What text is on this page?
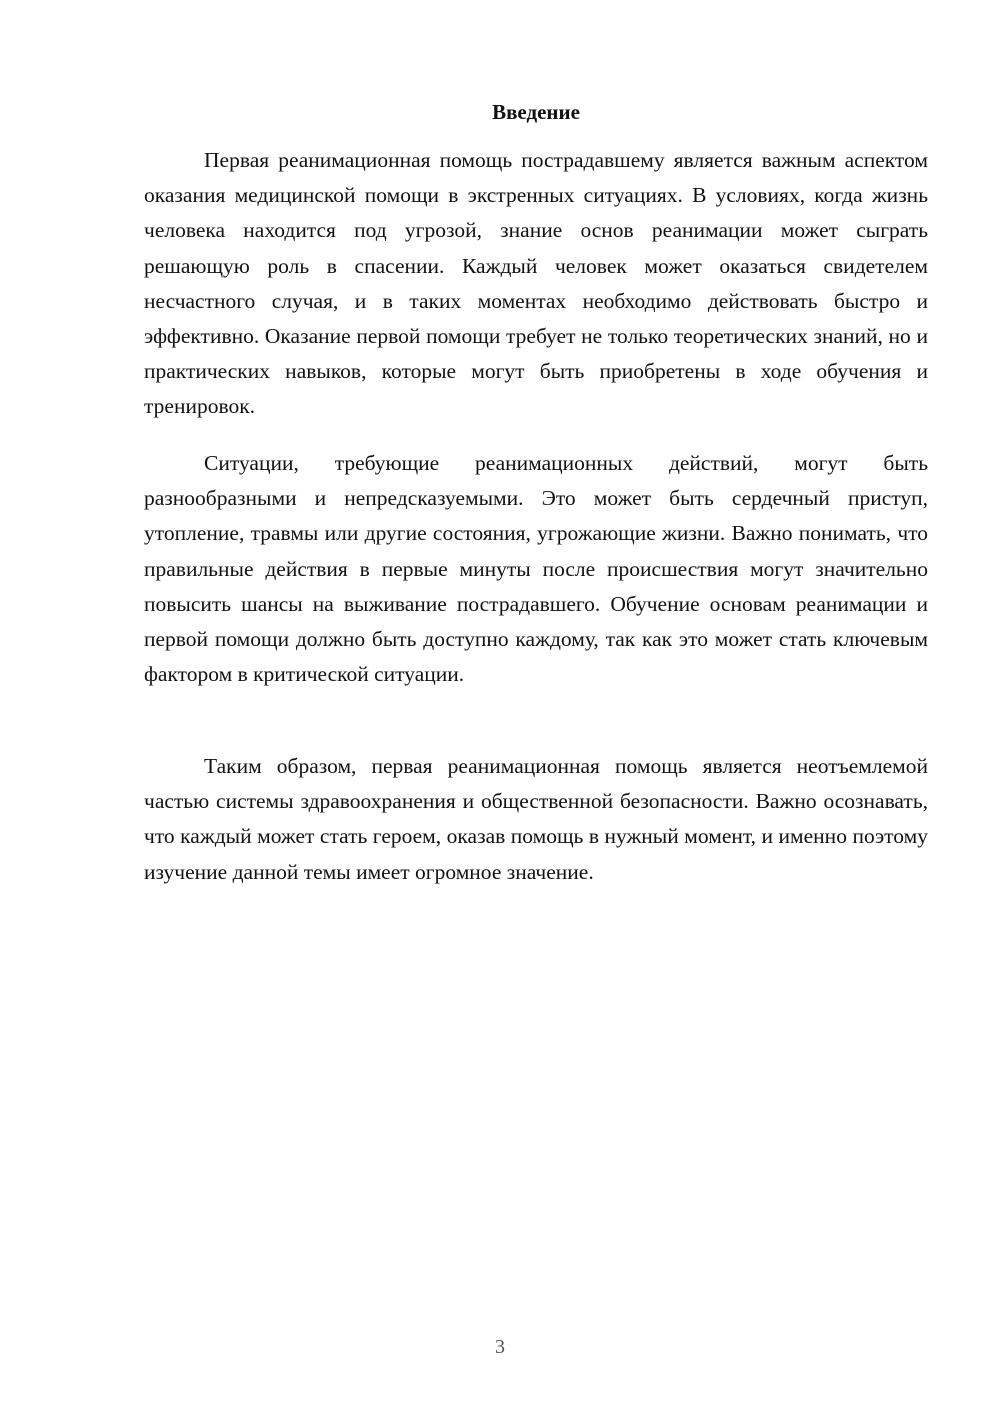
Введение

Первая реанимационная помощь пострадавшему является важным аспектом оказания медицинской помощи в экстренных ситуациях. В условиях, когда жизнь человека находится под угрозой, знание основ реанимации может сыграть решающую роль в спасении. Каждый человек может оказаться свидетелем несчастного случая, и в таких моментах необходимо действовать быстро и эффективно. Оказание первой помощи требует не только теоретических знаний, но и практических навыков, которые могут быть приобретены в ходе обучения и тренировок.

Ситуации, требующие реанимационных действий, могут быть разнообразными и непредсказуемыми. Это может быть сердечный приступ, утопление, травмы или другие состояния, угрожающие жизни. Важно понимать, что правильные действия в первые минуты после происшествия могут значительно повысить шансы на выживание пострадавшего. Обучение основам реанимации и первой помощи должно быть доступно каждому, так как это может стать ключевым фактором в критической ситуации.

Таким образом, первая реанимационная помощь является неотъемлемой частью системы здравоохранения и общественной безопасности. Важно осознавать, что каждый может стать героем, оказав помощь в нужный момент, и именно поэтому изучение данной темы имеет огромное значение.

3
